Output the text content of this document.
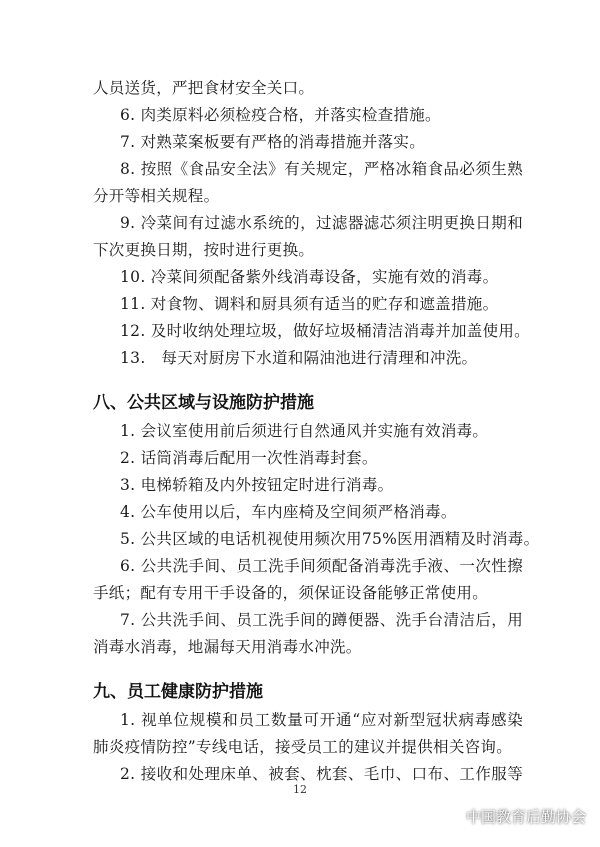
人员送货，严把食材安全关口。
6. 肉类原料必须检疫合格，并落实检查措施。
7. 对熟菜案板要有严格的消毒措施并落实。
8. 按照《食品安全法》有关规定，严格冰箱食品必须生熟
分开等相关规程。
9. 冷菜间有过滤水系统的，过滤器滤芯须注明更换日期和
下次更换日期，按时进行更换。
10. 冷菜间须配备紫外线消毒设备，实施有效的消毒。
11. 对食物、调料和厨具须有适当的贮存和遮盖措施。
12. 及时收纳处理垃圾，做好垃圾桶清洁消毒并加盖使用。
13.　每天对厨房下水道和隔油池进行清理和冲洗。
八、公共区域与设施防护措施
1. 会议室使用前后须进行自然通风并实施有效消毒。
2. 话筒消毒后配用一次性消毒封套。
3. 电梯轿箱及内外按钮定时进行消毒。
4. 公车使用以后，车内座椅及空间须严格消毒。
5. 公共区域的电话机视使用频次用75%医用酒精及时消毒。
6. 公共洗手间、员工洗手间须配备消毒洗手液、一次性擦
手纸；配有专用干手设备的，须保证设备能够正常使用。
7. 公共洗手间、员工洗手间的蹲便器、洗手台清洁后，用
消毒水消毒，地漏每天用消毒水冲洗。
九、员工健康防护措施
1. 视单位规模和员工数量可开通“应对新型冠状病毒感染
肺炎疫情防控”专线电话，接受员工的建议并提供相关咨询。
2. 接收和处理床单、被套、枕套、毛巾、口布、工作服等
12
中国教育后勤协会
